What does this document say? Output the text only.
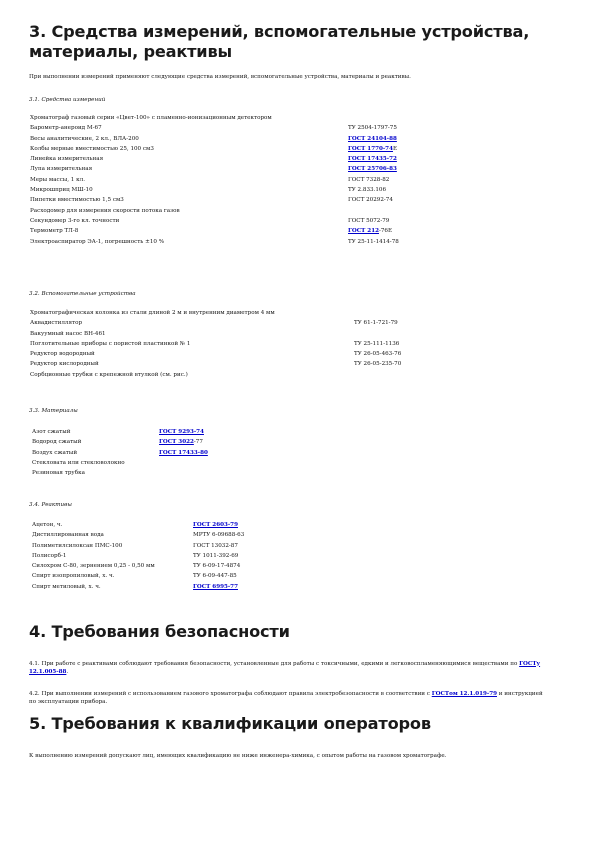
3. Средства измерений, вспомогательные устройства,
материалы, реактивы

При выполнении измерений применяют следующие средства измерений, вспомогательные устройства, материалы и реактивы.

3.1. Средства измерений

Хроматограф газовый серии «Цвет-100» с пламенно-ионизационным детектором	
Барометр-анероид М-67	ТУ 2504-1797-75
Весы аналитические, 2 кл., ВЛА-200	ГОСТ 24104-88
Колбы мерные вместимостью 25, 100 см3	ГОСТ 1770-74Е
Линейка измерительная	ГОСТ 17435-72
Лупа измерительная	ГОСТ 25706-83
Меры массы, 1 кл.	ГОСТ 7328-82
Микрошприц МШ-10	ТУ 2.833.106
Пипетки вместимостью 1,5 см3	ГОСТ 20292-74
Расходомер для измерения скорости потока газов	
Секундомер 3-го кл. точности	ГОСТ 5072-79
Термометр ТЛ-8	ГОСТ 212-76Е
Электроаспиратор ЭА-1, погрешность ±10 %	ТУ 25-11-1414-78

3.2. Вспомогательные устройства

Хроматографическая колонка из стали длиной 2 м и внутренним диаметром 4 мм	
Аквадистиллятор	ТУ 61-1-721-79
Вакуумный насос ВН-461	
Поглотительные приборы с пористой пластинкой № 1	ТУ 25-111-1136
Редуктор водородный	ТУ 26-05-463-76
Редуктор кислородный	ТУ 26-05-235-70
Сорбционные трубки с крепежной втулкой (см. рис.)	

3.3. Материалы

Азот сжатый	ГОСТ 9293-74
Водород сжатый	ГОСТ 3022-77
Воздух сжатый	ГОСТ 17433-80
Стекловата или стекловолокно	
Резиновая трубка	

3.4. Реактивы

Ацетон, ч.	ГОСТ 2603-79
Дистиллированная вода	МРТУ 6-09688-63
Полиметилсилоксан ПМС-100	ГОСТ 13032-87
Полисорб-1	ТУ 1011-392-69
Силохром С-80, зернением 0,25 - 0,50 мм	ТУ 6-09-17-4874
Спирт изопропиловый, х. ч.	ТУ 6-09-447-85
Спирт метиловый, х. ч.	ГОСТ 6995-77
4. Требования безопасности

4.1. При работе с реактивами соблюдают требования безопасности, установленные для работы с токсичными, едкими и легковоспламеняющимися веществами по ГОСТу 12.1.005-88.

4.2. При выполнении измерений с использованием газового хроматографа соблюдают правила электробезопасности в соответствии с ГОСТом 12.1.019-79 и инструкцией по эксплуатации прибора.

5. Требования к квалификации операторов

К выполнению измерений допускают лиц, имеющих квалификацию не ниже инженера-химика, с опытом работы на газовом хроматографе.
